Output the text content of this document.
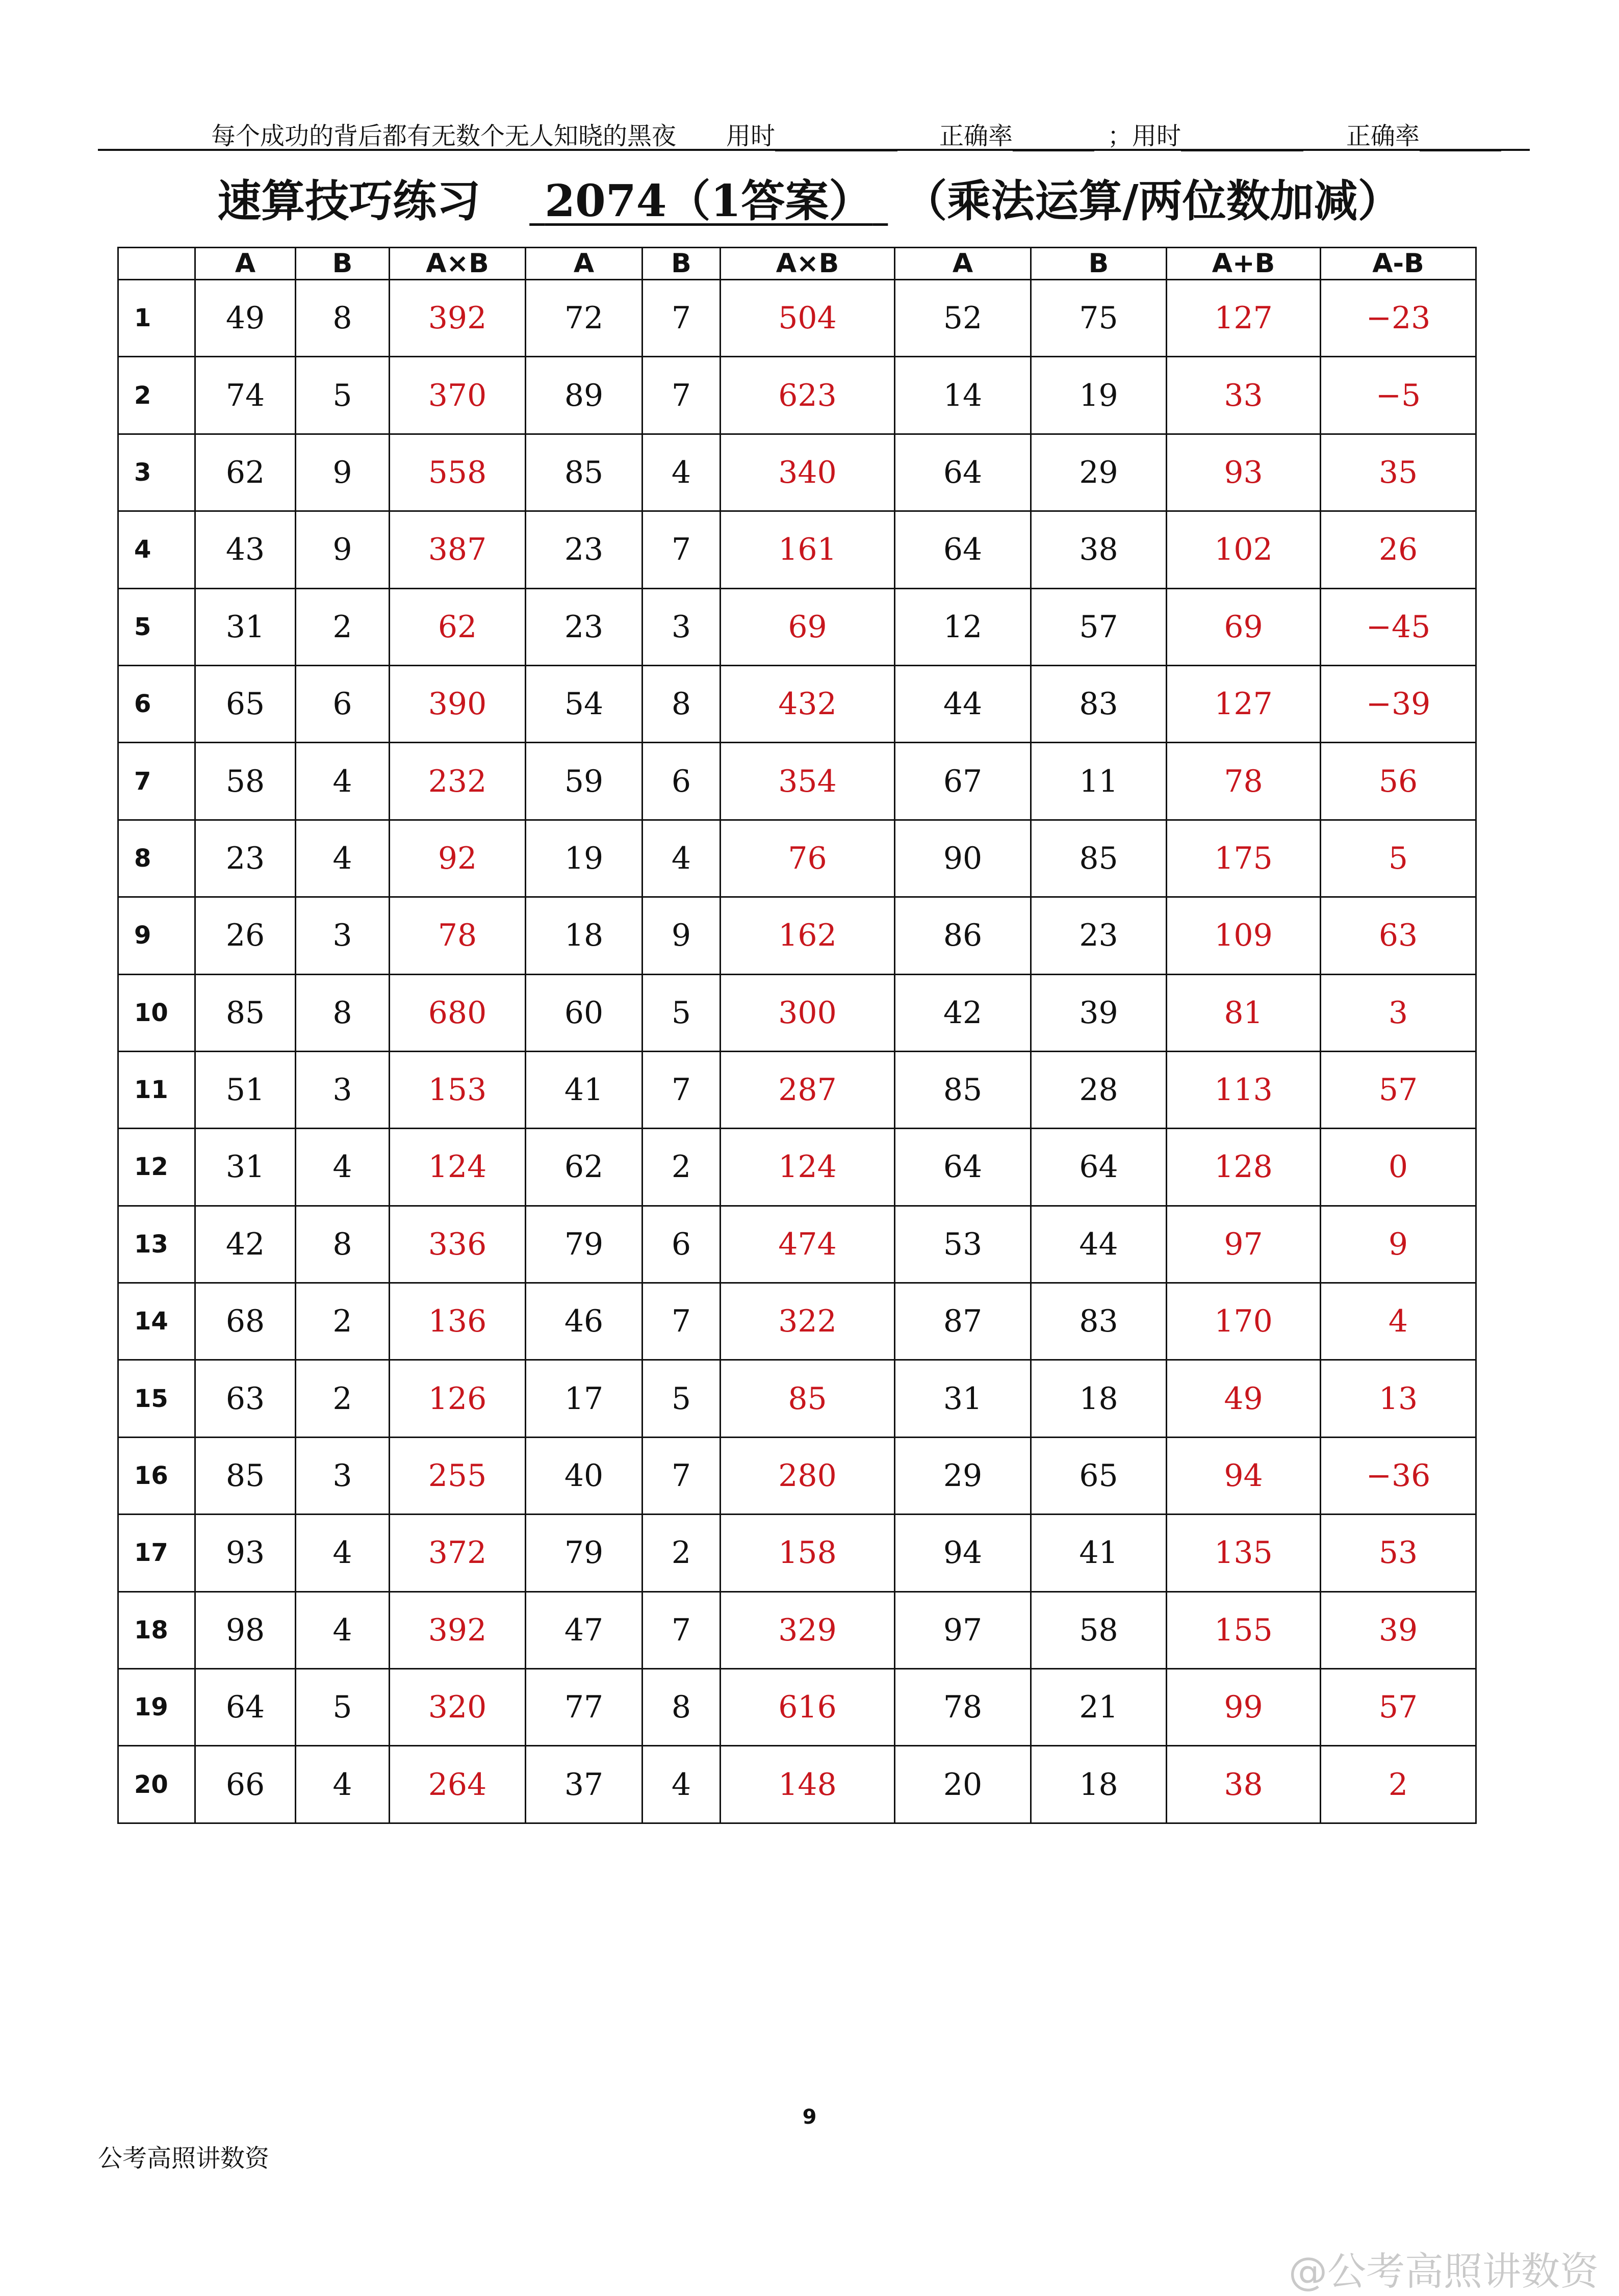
每个成功的背后都有无数个无人知晓的黑夜 用时	正确率	； 用时	正确率
速算技巧练习 2074（1答案） （乘法运算/两位数加减）
	A	B	A×B	A	B	A×B	A	B	A+B	A-B
1	49	8	392	72	7	504	52	75	127	−23
2	74	5	370	89	7	623	14	19	33	−5
3	62	9	558	85	4	340	64	29	93	35
4	43	9	387	23	7	161	64	38	102	26
5	31	2	62	23	3	69	12	57	69	−45
6	65	6	390	54	8	432	44	83	127	−39
7	58	4	232	59	6	354	67	11	78	56
8	23	4	92	19	4	76	90	85	175	5
9	26	3	78	18	9	162	86	23	109	63
10	85	8	680	60	5	300	42	39	81	3
11	51	3	153	41	7	287	85	28	113	57
12	31	4	124	62	2	124	64	64	128	0
13	42	8	336	79	6	474	53	44	97	9
14	68	2	136	46	7	322	87	83	170	4
15	63	2	126	17	5	85	31	18	49	13
16	85	3	255	40	7	280	29	65	94	−36
17	93	4	372	79	2	158	94	41	135	53
18	98	4	392	47	7	329	97	58	155	39
19	64	5	320	77	8	616	78	21	99	57
20	66	4	264	37	4	148	20	18	38	2
9
公考高照讲数资
@公考高照讲数资
